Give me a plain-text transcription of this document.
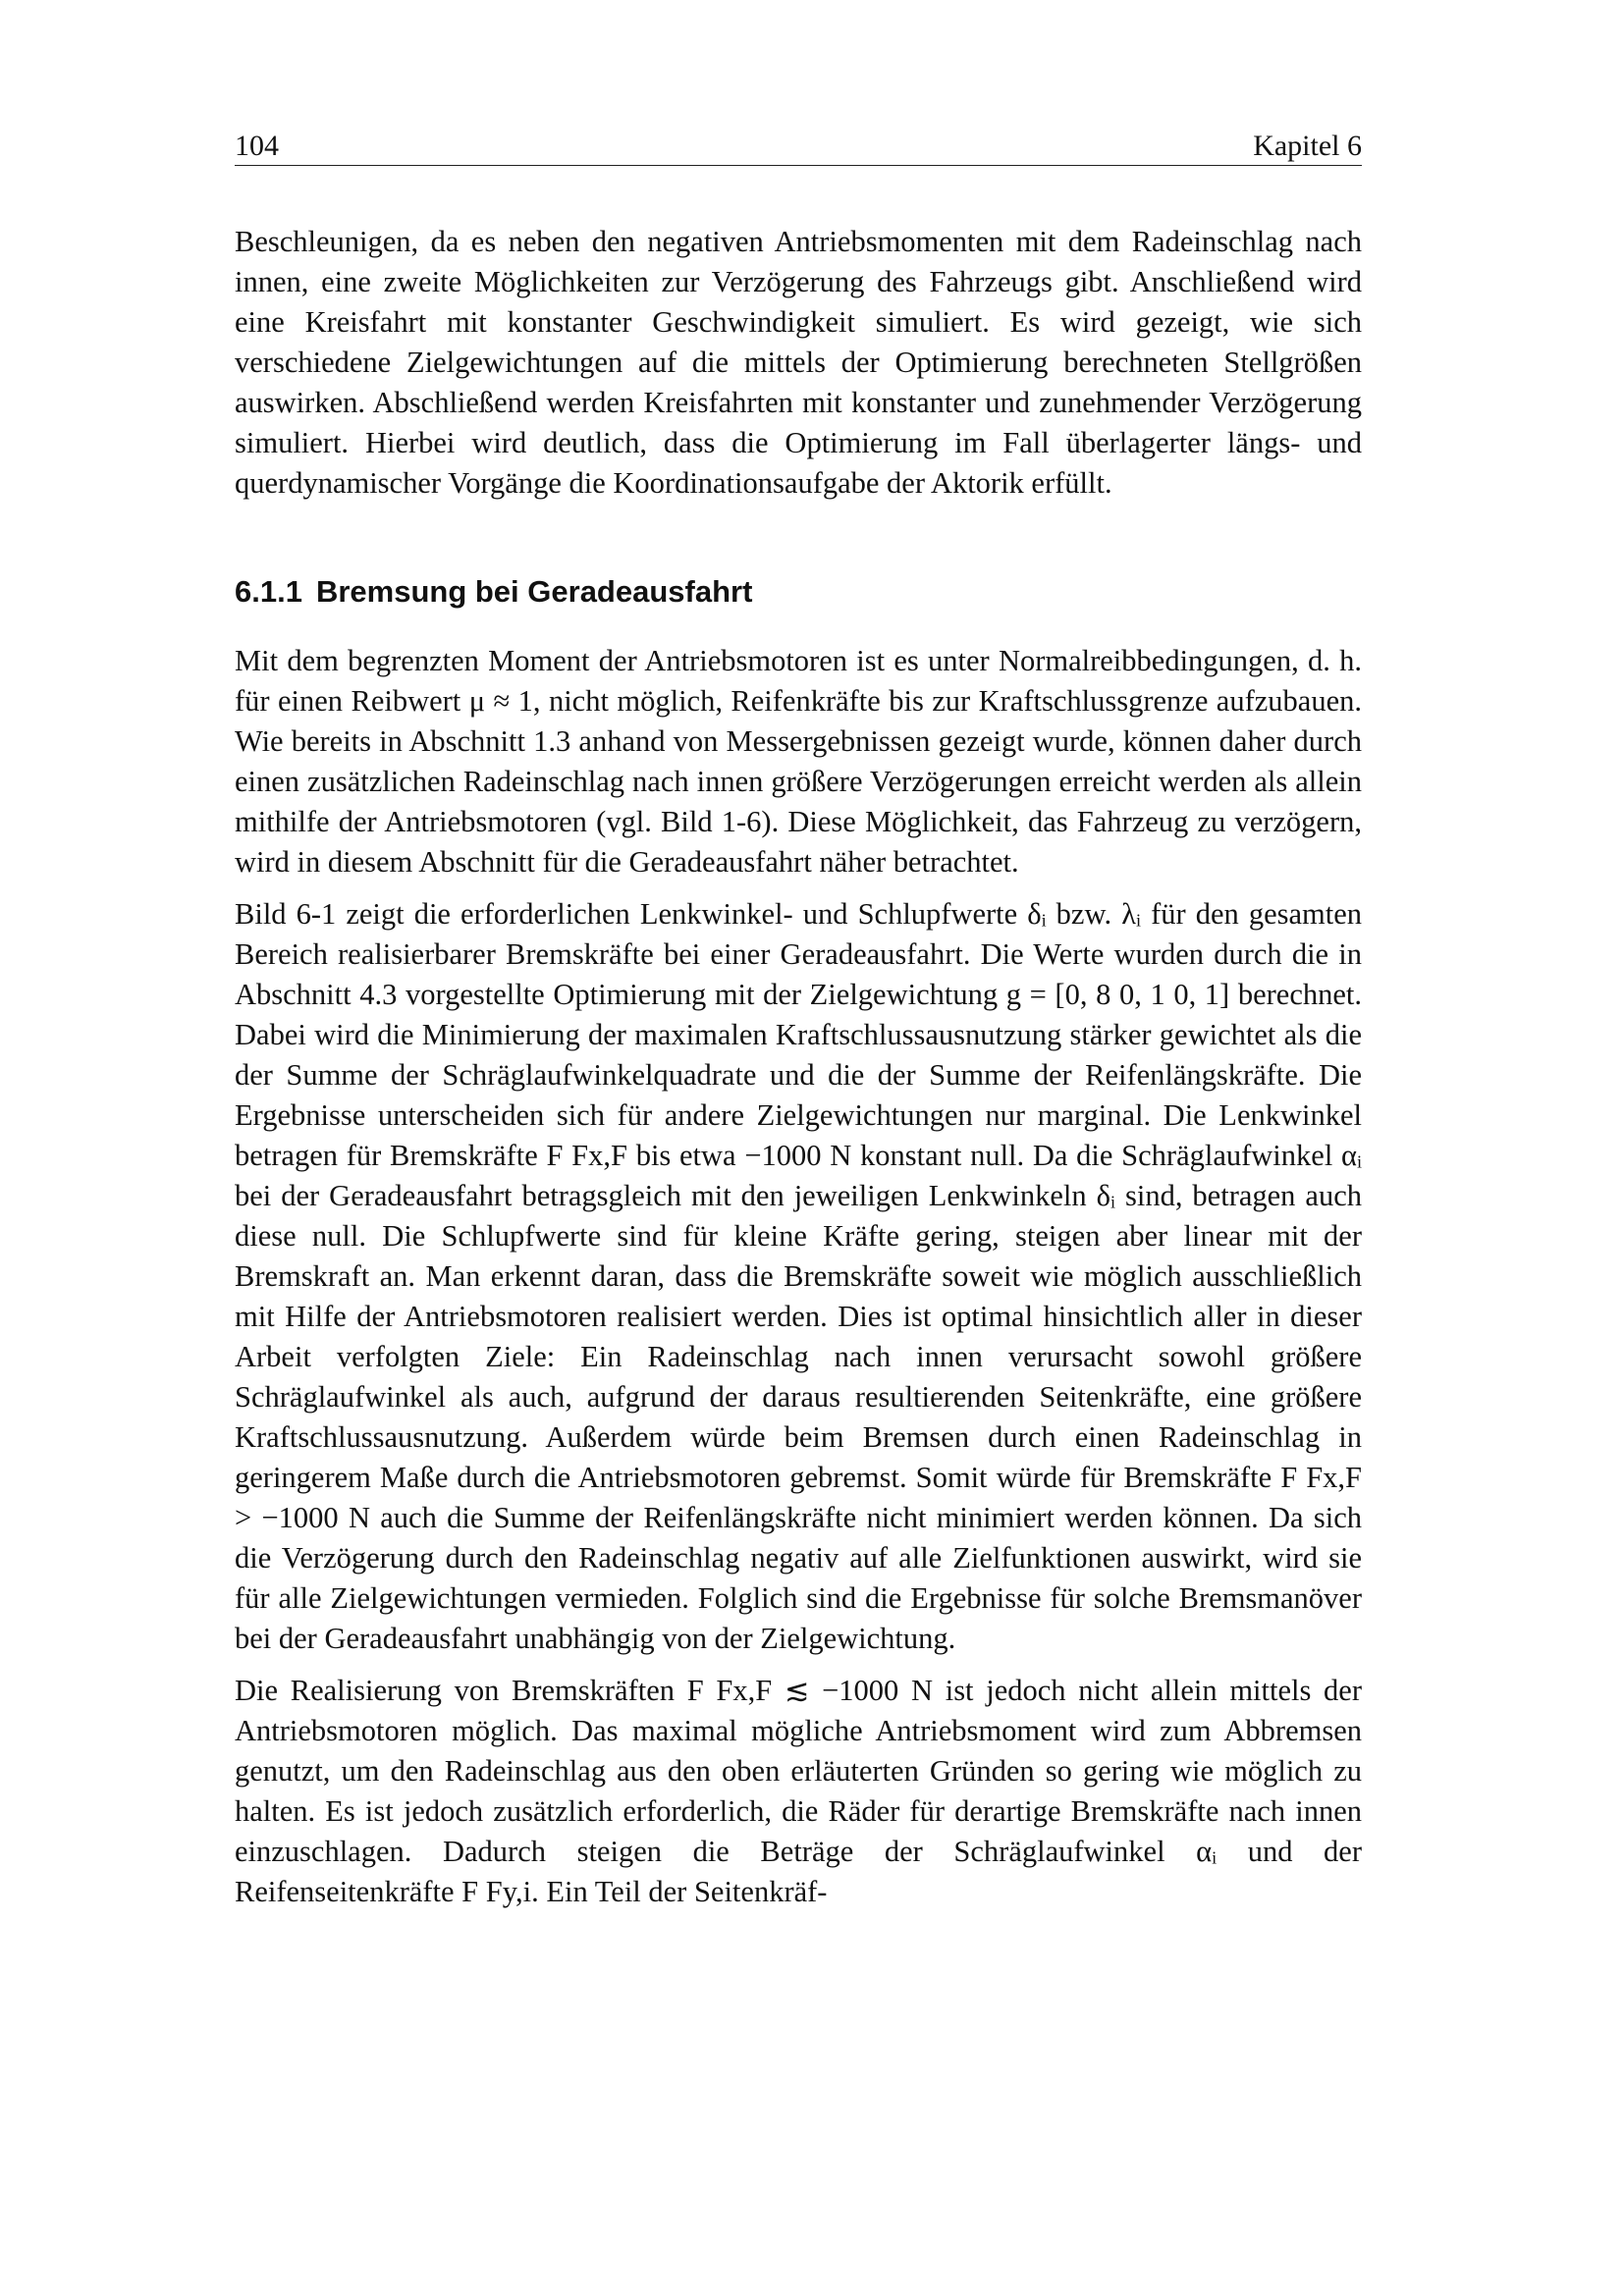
104	Kapitel 6

Beschleunigen, da es neben den negativen Antriebsmomenten mit dem Radeinschlag nach innen, eine zweite Möglichkeiten zur Verzögerung des Fahrzeugs gibt. Anschließend wird eine Kreisfahrt mit konstanter Geschwindigkeit simuliert. Es wird gezeigt, wie sich verschiedene Zielgewichtungen auf die mittels der Optimierung berechneten Stellgrößen auswirken. Abschließend werden Kreisfahrten mit konstanter und zunehmender Verzögerung simuliert. Hierbei wird deutlich, dass die Optimierung im Fall überlagerter längs- und querdynamischer Vorgänge die Koordinationsaufgabe der Aktorik erfüllt.

6.1.1 Bremsung bei Geradeausfahrt

Mit dem begrenzten Moment der Antriebsmotoren ist es unter Normalreibbedingungen, d. h. für einen Reibwert μ ≈ 1, nicht möglich, Reifenkräfte bis zur Kraftschlussgrenze aufzubauen. Wie bereits in Abschnitt 1.3 anhand von Messergebnissen gezeigt wurde, können daher durch einen zusätzlichen Radeinschlag nach innen größere Verzögerungen erreicht werden als allein mithilfe der Antriebsmotoren (vgl. Bild 1-6). Diese Möglichkeit, das Fahrzeug zu verzögern, wird in diesem Abschnitt für die Geradeausfahrt näher betrachtet.

Bild 6-1 zeigt die erforderlichen Lenkwinkel- und Schlupfwerte δᵢ bzw. λᵢ für den gesamten Bereich realisierbarer Bremskräfte bei einer Geradeausfahrt. Die Werte wurden durch die in Abschnitt 4.3 vorgestellte Optimierung mit der Zielgewichtung g = [0, 8 0, 1 0, 1] berechnet. Dabei wird die Minimierung der maximalen Kraftschlussausnutzung stärker gewichtet als die der Summe der Schräglaufwinkelquadrate und die der Summe der Reifenlängskräfte. Die Ergebnisse unterscheiden sich für andere Zielgewichtungen nur marginal. Die Lenkwinkel betragen für Bremskräfte F Fx,F bis etwa −1000 N konstant null. Da die Schräglaufwinkel αᵢ bei der Geradeausfahrt betragsgleich mit den jeweiligen Lenkwinkeln δᵢ sind, betragen auch diese null. Die Schlupfwerte sind für kleine Kräfte gering, steigen aber linear mit der Bremskraft an. Man erkennt daran, dass die Bremskräfte soweit wie möglich ausschließlich mit Hilfe der Antriebsmotoren realisiert werden. Dies ist optimal hinsichtlich aller in dieser Arbeit verfolgten Ziele: Ein Radeinschlag nach innen verursacht sowohl größere Schräglaufwinkel als auch, aufgrund der daraus resultierenden Seitenkräfte, eine größere Kraftschlussausnutzung. Außerdem würde beim Bremsen durch einen Radeinschlag in geringerem Maße durch die Antriebsmotoren gebremst. Somit würde für Bremskräfte F Fx,F > −1000 N auch die Summe der Reifenlängskräfte nicht minimiert werden können. Da sich die Verzögerung durch den Radeinschlag negativ auf alle Zielfunktionen auswirkt, wird sie für alle Zielgewichtungen vermieden. Folglich sind die Ergebnisse für solche Bremsmanöver bei der Geradeausfahrt unabhängig von der Zielgewichtung.

Die Realisierung von Bremskräften F Fx,F ≲ −1000 N ist jedoch nicht allein mittels der Antriebsmotoren möglich. Das maximal mögliche Antriebsmoment wird zum Abbremsen genutzt, um den Radeinschlag aus den oben erläuterten Gründen so gering wie möglich zu halten. Es ist jedoch zusätzlich erforderlich, die Räder für derartige Bremskräfte nach innen einzuschlagen. Dadurch steigen die Beträge der Schräglaufwinkel αᵢ und der Reifenseitenkräfte F Fy,i. Ein Teil der Seitenkräf-
